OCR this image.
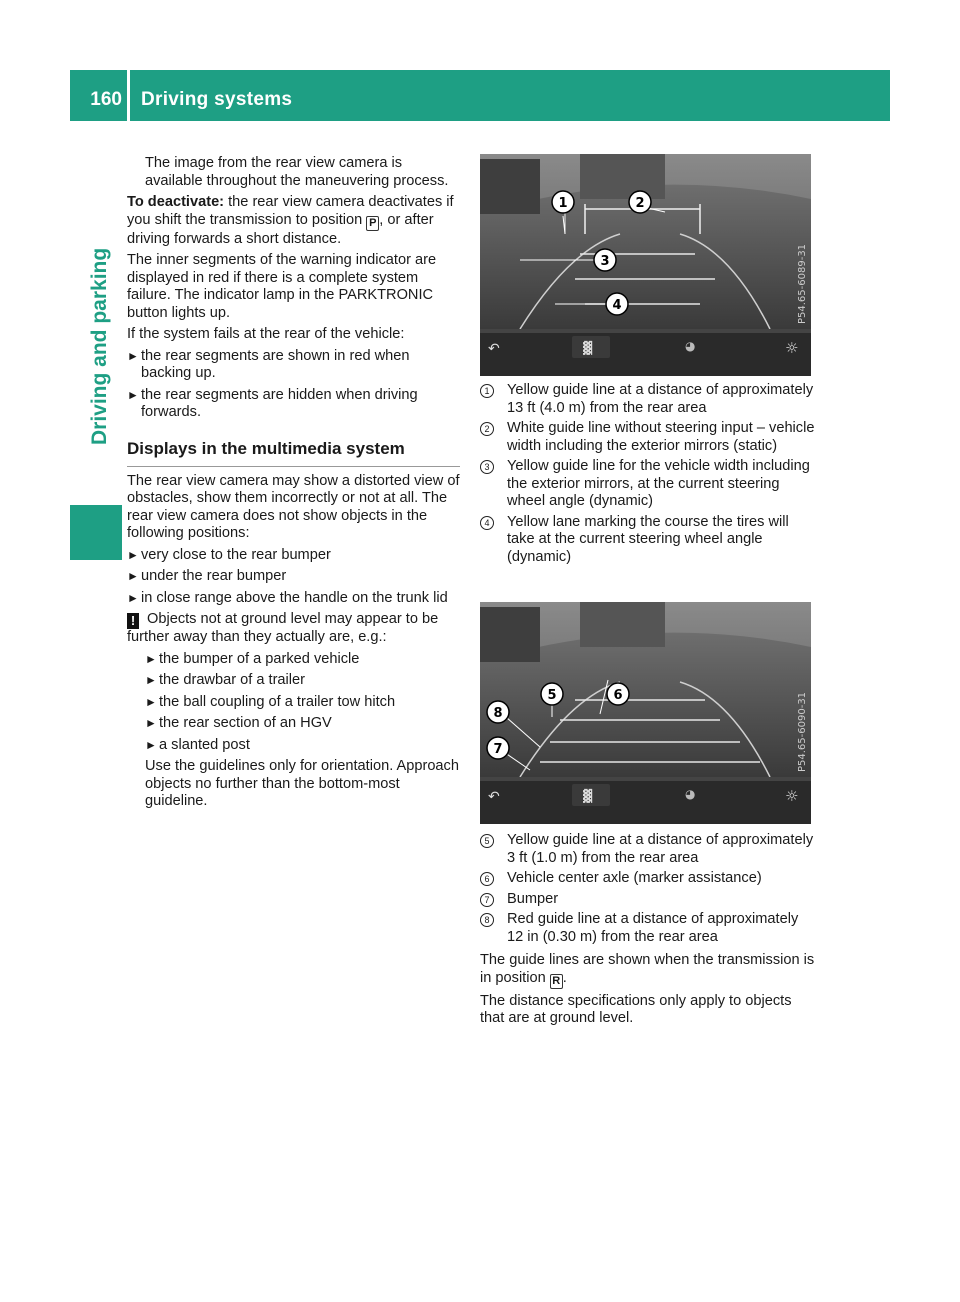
160 Driving systems
Driving and parking

The image from the rear view camera is available throughout the maneuvering process.

To deactivate: the rear view camera deactivates if you shift the transmission to position P , or after driving forwards a short distance.

The inner segments of the warning indicator are displayed in red if there is a complete system failure. The indicator lamp in the PARKTRONIC button lights up.

If the system fails at the rear of the vehicle:

► the rear segments are shown in red when backing up.
► the rear segments are hidden when driving forwards.
Displays in the multimedia system

The rear view camera may show a distorted view of obstacles, show them incorrectly or not at all. The rear view camera does not show objects in the following positions:

► very close to the rear bumper
► under the rear bumper
► in close range above the handle on the trunk lid

! Objects not at ground level may appear to be further away than they actually are, e.g.:

► the bumper of a parked vehicle
► the drawbar of a trailer
► the ball coupling of a trailer tow hitch
► the rear section of an HGV
► a slanted post

Use the guidelines only for orientation. Approach objects no further than the bottom-most guideline.

↶	▓	◕	☼
1	2
3
4	P54.65-6089-31
↶	▓	◕	☼
5	6
8
7	P54.65-6090-31
1	Yellow guide line at a distance of approximately 13 ft (4.0 m) from the rear area
2	White guide line without steering input – vehicle width including the exterior mirrors (static)
3	Yellow guide line for the vehicle width including the exterior mirrors, at the current steering wheel angle (dynamic)
4	Yellow lane marking the course the tires will take at the current steering wheel angle (dynamic)
5	Yellow guide line at a distance of approximately 3 ft (1.0 m) from the rear area
6	Vehicle center axle (marker assistance)
7	Bumper
8	Red guide line at a distance of approximately 12 in (0.30 m) from the rear area

The guide lines are shown when the transmission is in position R .

The distance specifications only apply to objects that are at ground level.
